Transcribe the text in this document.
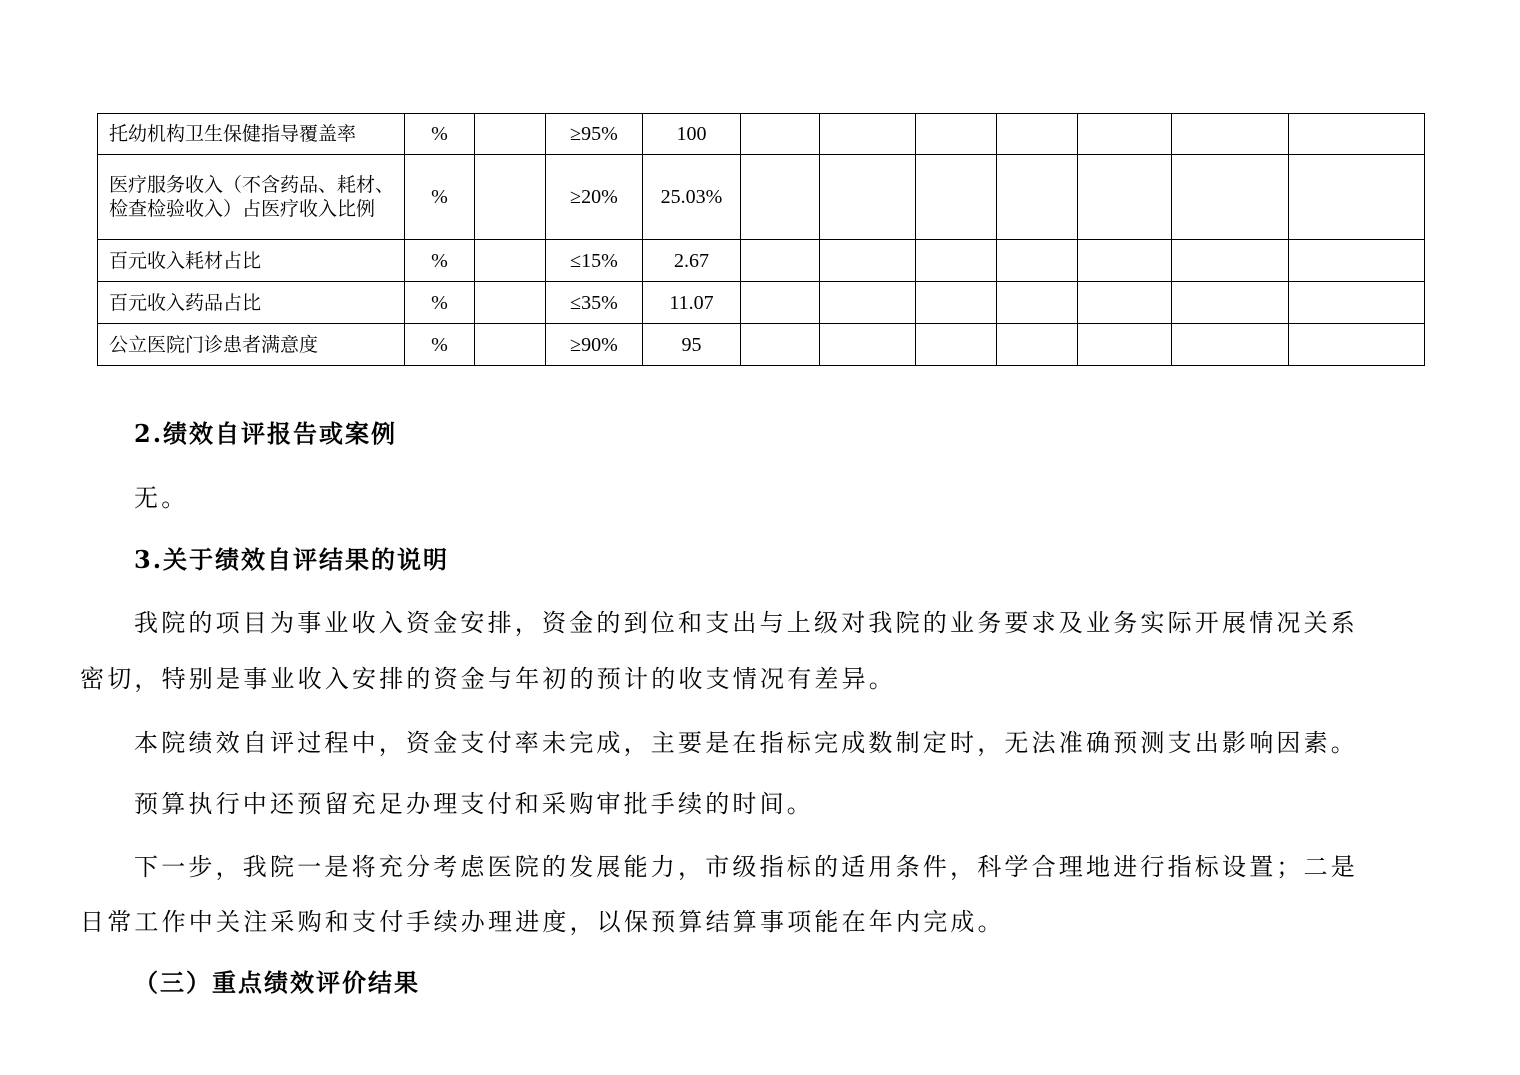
托幼机构卫生保健指导覆盖率	%		≥95%	100							
医疗服务收入（不含药品、耗材、检查检验收入）占医疗收入比例	%		≥20%	25.03%							
百元收入耗材占比	%		≤15%	2.67							
百元收入药品占比	%		≤35%	11.07							
公立医院门诊患者满意度	%		≥90%	95							

2.绩效自评报告或案例

无。

3.关于绩效自评结果的说明

我院的项目为事业收入资金安排，资金的到位和支出与上级对我院的业务要求及业务实际开展情况关系

密切，特别是事业收入安排的资金与年初的预计的收支情况有差异。

本院绩效自评过程中，资金支付率未完成，主要是在指标完成数制定时，无法准确预测支出影响因素。

预算执行中还预留充足办理支付和采购审批手续的时间。

下一步，我院一是将充分考虑医院的发展能力，市级指标的适用条件，科学合理地进行指标设置；二是

日常工作中关注采购和支付手续办理进度，以保预算结算事项能在年内完成。

（三）重点绩效评价结果
